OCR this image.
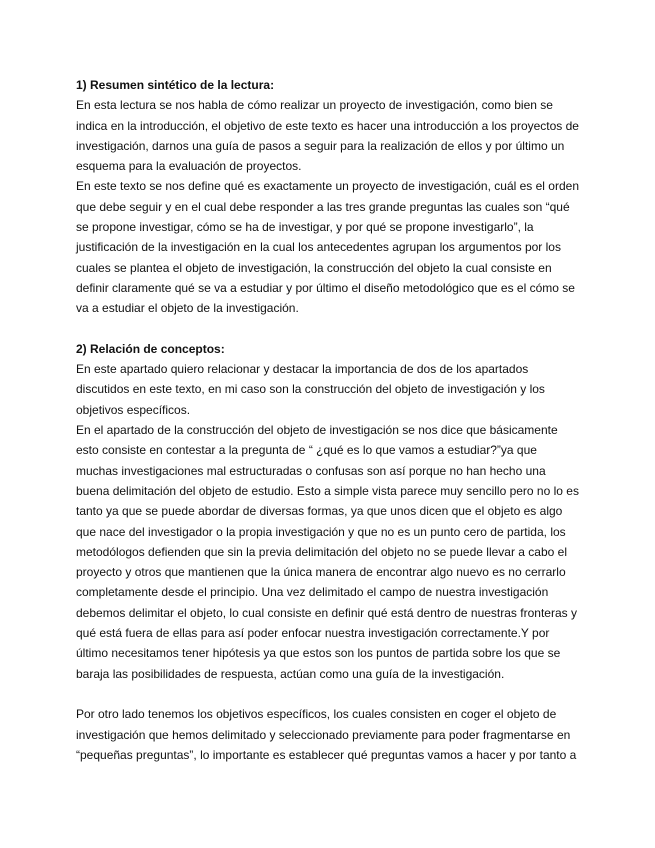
1) Resumen sintético de la lectura:

En esta lectura se nos habla de cómo realizar un proyecto de investigación, como bien se indica en la introducción, el objetivo de este texto es hacer una introducción a los proyectos de investigación, darnos una guía de pasos a seguir para la realización de ellos y por último un esquema para la evaluación de proyectos.

En este texto se nos define qué es exactamente un proyecto de investigación, cuál es el orden que debe seguir y en el cual debe responder a las tres grande preguntas las cuales son “qué se propone investigar, cómo se ha de investigar, y por qué se propone investigarlo”, la justificación de la investigación en la cual los antecedentes agrupan los argumentos por los cuales se plantea el objeto de investigación, la construcción del objeto la cual consiste en definir claramente qué se va a estudiar y por último el diseño metodológico que es el cómo se va a estudiar el objeto de la investigación.

2) Relación de conceptos:

En este apartado quiero relacionar y destacar la importancia de dos de los apartados discutidos en este texto, en mi caso son la construcción del objeto de investigación y los objetivos específicos.

En el apartado de la construcción del objeto de investigación se nos dice que básicamente esto consiste en contestar a la pregunta de “ ¿qué es lo que vamos a estudiar?”ya que muchas investigaciones mal estructuradas o confusas son así porque no han hecho una buena delimitación del objeto de estudio. Esto a simple vista parece muy sencillo pero no lo es tanto ya que se puede abordar de diversas formas, ya que unos dicen que el objeto es algo que nace del investigador o la propia investigación y que no es un punto cero de partida, los metodólogos defienden que sin la previa delimitación del objeto no se puede llevar a cabo el proyecto y otros que mantienen que la única manera de encontrar algo nuevo es no cerrarlo completamente desde el principio. Una vez delimitado el campo de nuestra investigación debemos delimitar el objeto, lo cual consiste en definir qué está dentro de nuestras fronteras y qué está fuera de ellas para así poder enfocar nuestra investigación correctamente.Y por último necesitamos tener hipótesis ya que estos son los puntos de partida sobre los que se baraja las posibilidades de respuesta, actúan como una guía de la investigación.

Por otro lado tenemos los objetivos específicos, los cuales consisten en coger el objeto de investigación que hemos delimitado y seleccionado previamente para poder fragmentarse en “pequeñas preguntas”, lo importante es establecer qué preguntas vamos a hacer y por tanto a
